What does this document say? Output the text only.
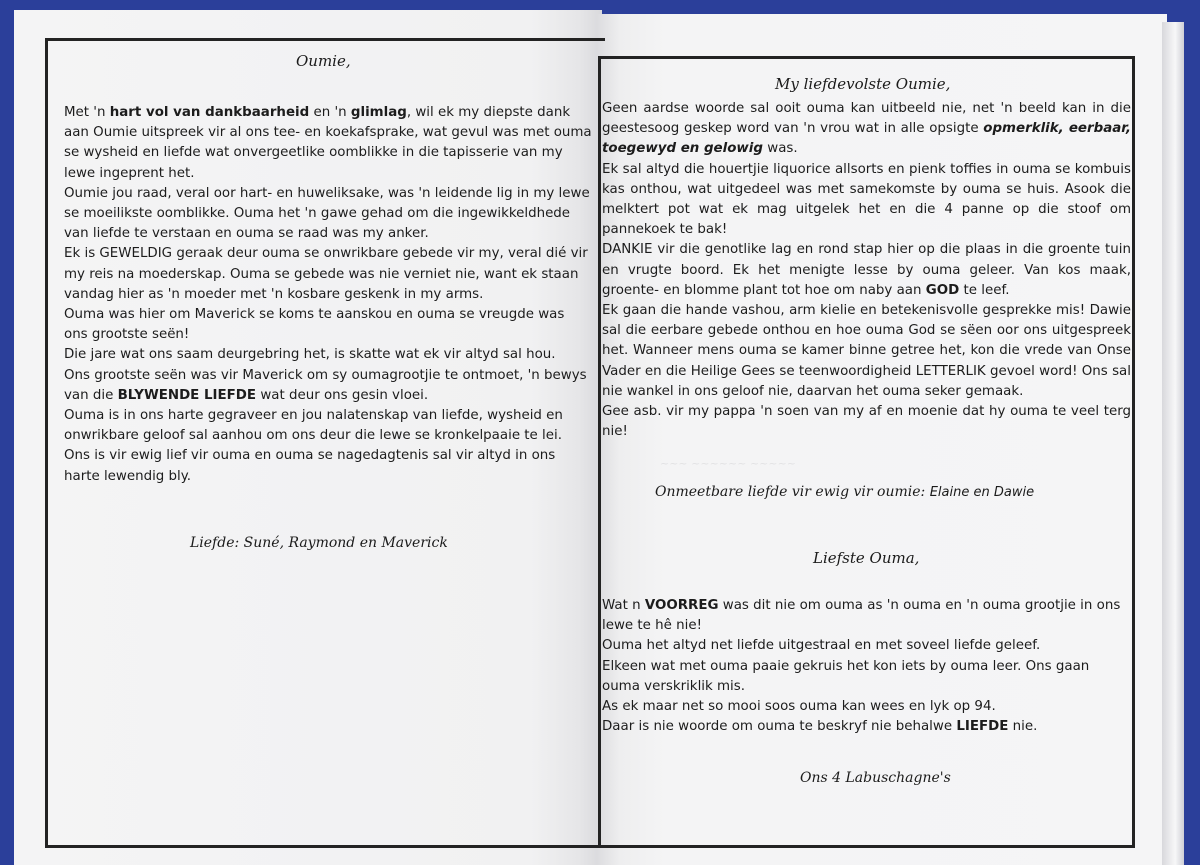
~~~ ~~~~~~ ~~~~~
Oumie,

Met 'n hart vol van dankbaarheid en 'n glimlag, wil ek my diepste dank aan Oumie uitspreek vir al ons tee- en koekafsprake, wat gevul was met ouma se wysheid en liefde wat onvergeetlike oomblikke in die tapisserie van my lewe ingeprent het.

Oumie jou raad, veral oor hart- en huweliksake, was 'n leidende lig in my lewe se moeilikste oomblikke. Ouma het 'n gawe gehad om die ingewikkeldhede van liefde te verstaan en ouma se raad was my anker.

Ek is GEWELDIG geraak deur ouma se onwrikbare gebede vir my, veral dié vir my reis na moederskap. Ouma se gebede was nie verniet nie, want ek staan vandag hier as 'n moeder met 'n kosbare geskenk in my arms.

Ouma was hier om Maverick se koms te aanskou en ouma se vreugde was ons grootste seën!

Die jare wat ons saam deurgebring het, is skatte wat ek vir altyd sal hou.

Ons grootste seën was vir Maverick om sy oumagrootjie te ontmoet, 'n bewys van die BLYWENDE LIEFDE wat deur ons gesin vloei.

Ouma is in ons harte gegraveer en jou nalatenskap van liefde, wysheid en onwrikbare geloof sal aanhou om ons deur die lewe se kronkelpaaie te lei.

Ons is vir ewig lief vir ouma en ouma se nagedagtenis sal vir altyd in ons harte lewendig bly.

Liefde: Suné, Raymond en Maverick
My liefdevolste Oumie,

Geen aardse woorde sal ooit ouma kan uitbeeld nie, net 'n beeld kan in die geestesoog geskep word van 'n vrou wat in alle opsigte opmerklik, eerbaar, toegewyd en gelowig was.

Ek sal altyd die houertjie liquorice allsorts en pienk toffies in ouma se kombuis kas onthou, wat uitgedeel was met samekomste by ouma se huis. Asook die melktert pot wat ek mag uitgelek het en die 4 panne op die stoof om pannekoek te bak!

DANKIE vir die genotlike lag en rond stap hier op die plaas in die groente tuin en vrugte boord. Ek het menigte lesse by ouma geleer. Van kos maak, groente- en blomme plant tot hoe om naby aan GOD te leef.

Ek gaan die hande vashou, arm kielie en betekenisvolle gesprekke mis! Dawie sal die eerbare gebede onthou en hoe ouma God se sëen oor ons uitgespreek het. Wanneer mens ouma se kamer binne getree het, kon die vrede van Onse Vader en die Heilige Gees se teenwoordigheid LETTERLIK gevoel word! Ons sal nie wankel in ons geloof nie, daarvan het ouma seker gemaak.

Gee asb. vir my pappa 'n soen van my af en moenie dat hy ouma te veel terg nie!

Onmeetbare liefde vir ewig vir oumie: Elaine en Dawie
Liefste Ouma,

Wat n VOORREG was dit nie om ouma as 'n ouma en 'n ouma grootjie in ons lewe te hê nie!

Ouma het altyd net liefde uitgestraal en met soveel liefde geleef.

Elkeen wat met ouma paaie gekruis het kon iets by ouma leer. Ons gaan ouma verskriklik mis.

As ek maar net so mooi soos ouma kan wees en lyk op 94.

Daar is nie woorde om ouma te beskryf nie behalwe LIEFDE nie.

Ons 4 Labuschagne's
